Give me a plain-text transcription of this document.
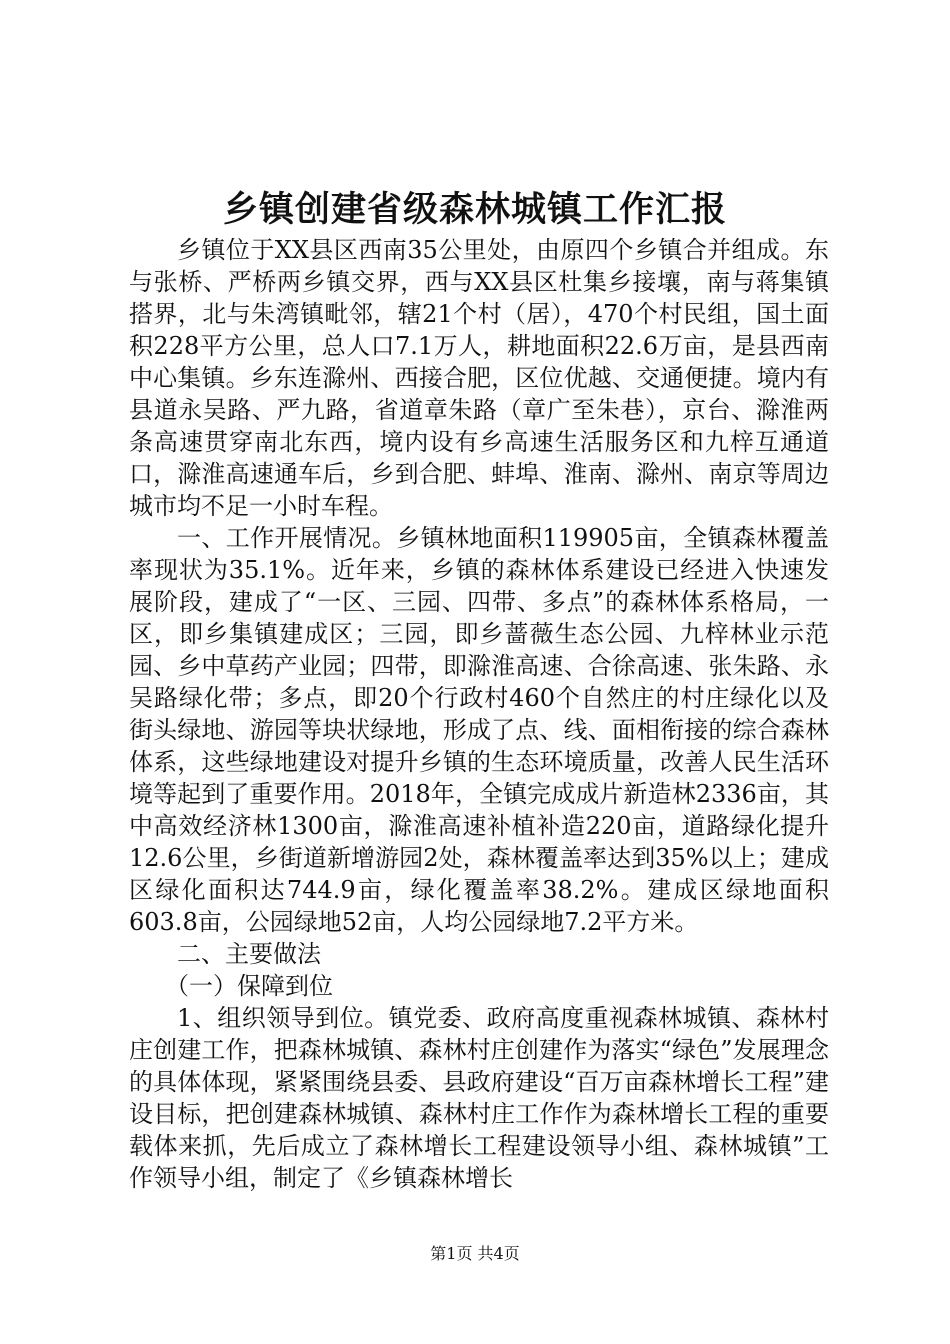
乡镇创建省级森林城镇工作汇报

乡镇位于XX县区西南35公里处，由原四个乡镇合并组成。东与张桥、严桥两乡镇交界，西与XX县区杜集乡接壤，南与蒋集镇搭界，北与朱湾镇毗邻，辖21个村（居），470个村民组，国土面积228平方公里，总人口7.1万人，耕地面积22.6万亩，是县西南中心集镇。乡东连滁州、西接合肥，区位优越、交通便捷。境内有县道永吴路、严九路，省道章朱路（章广至朱巷），京台、滁淮两条高速贯穿南北东西，境内设有乡高速生活服务区和九梓互通道口，滁淮高速通车后，乡到合肥、蚌埠、淮南、滁州、南京等周边城市均不足一小时车程。

一、工作开展情况。乡镇林地面积119905亩，全镇森林覆盖率现状为35.1%。近年来，乡镇的森林体系建设已经进入快速发展阶段，建成了“一区、三园、四带、多点”的森林体系格局，一区，即乡集镇建成区；三园，即乡蔷薇生态公园、九梓林业示范园、乡中草药产业园；四带，即滁淮高速、合徐高速、张朱路、永吴路绿化带；多点，即20个行政村460个自然庄的村庄绿化以及街头绿地、游园等块状绿地，形成了点、线、面相衔接的综合森林体系，这些绿地建设对提升乡镇的生态环境质量，改善人民生活环境等起到了重要作用。2018年，全镇完成成片新造林2336亩，其中高效经济林1300亩，滁淮高速补植补造220亩，道路绿化提升12.6公里，乡街道新增游园2处，森林覆盖率达到35%以上；建成区绿化面积达744.9亩，绿化覆盖率38.2%。建成区绿地面积603.8亩，公园绿地52亩，人均公园绿地7.2平方米。

二、主要做法

（一）保障到位

1、组织领导到位。镇党委、政府高度重视森林城镇、森林村庄创建工作，把森林城镇、森林村庄创建作为落实“绿色”发展理念的具体体现，紧紧围绕县委、县政府建设“百万亩森林增长工程”建设目标，把创建森林城镇、森林村庄工作作为森林增长工程的重要载体来抓，先后成立了森林增长工程建设领导小组、森林城镇”工作领导小组，制定了《乡镇森林增长

第1页 共4页
